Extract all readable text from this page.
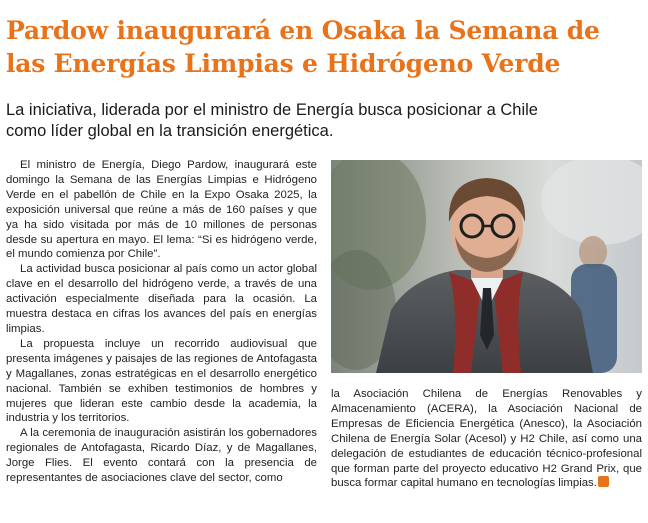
Pardow inaugurará en Osaka la Semana de las Energías Limpias e Hidrógeno Verde
La iniciativa, liderada por el ministro de Energía busca posicionar a Chile como líder global en la transición energética.

El ministro de Energía, Diego Pardow, inaugurará este domingo la Semana de las Energías Limpias e Hidrógeno Verde en el pabellón de Chile en la Expo Osaka 2025, la exposición universal que reúne a más de 160 países y que ya ha sido visitada por más de 10 millones de personas desde su apertura en mayo. El lema: “Si es hidrógeno verde, el mundo comienza por Chile”.

La actividad busca posicionar al país como un actor global clave en el desarrollo del hidrógeno verde, a través de una activación especialmente diseñada para la ocasión. La muestra destaca en cifras los avances del país en energías limpias.

La propuesta incluye un recorrido audiovisual que presenta imágenes y paisajes de las regiones de Antofagasta y Magallanes, zonas estratégicas en el desarrollo energético nacional. También se exhiben testimonios de hombres y mujeres que lideran este cambio desde la academia, la industria y los territorios.

A la ceremonia de inauguración asistirán los gobernadores regionales de Antofagasta, Ricardo Díaz, y de Magallanes, Jorge Flies. El evento contará con la presencia de representantes de asociaciones clave del sector, como

la Asociación Chilena de Energías Renovables y Almacenamiento (ACERA), la Asociación Nacional de Empresas de Eficiencia Energética (Anesco), la Asociación Chilena de Energía Solar (Acesol) y H2 Chile, así como una delegación de estudiantes de educación técnico-profesional que forman parte del proyecto educativo H2 Grand Prix, que busca formar capital humano en tecnologías limpias.
